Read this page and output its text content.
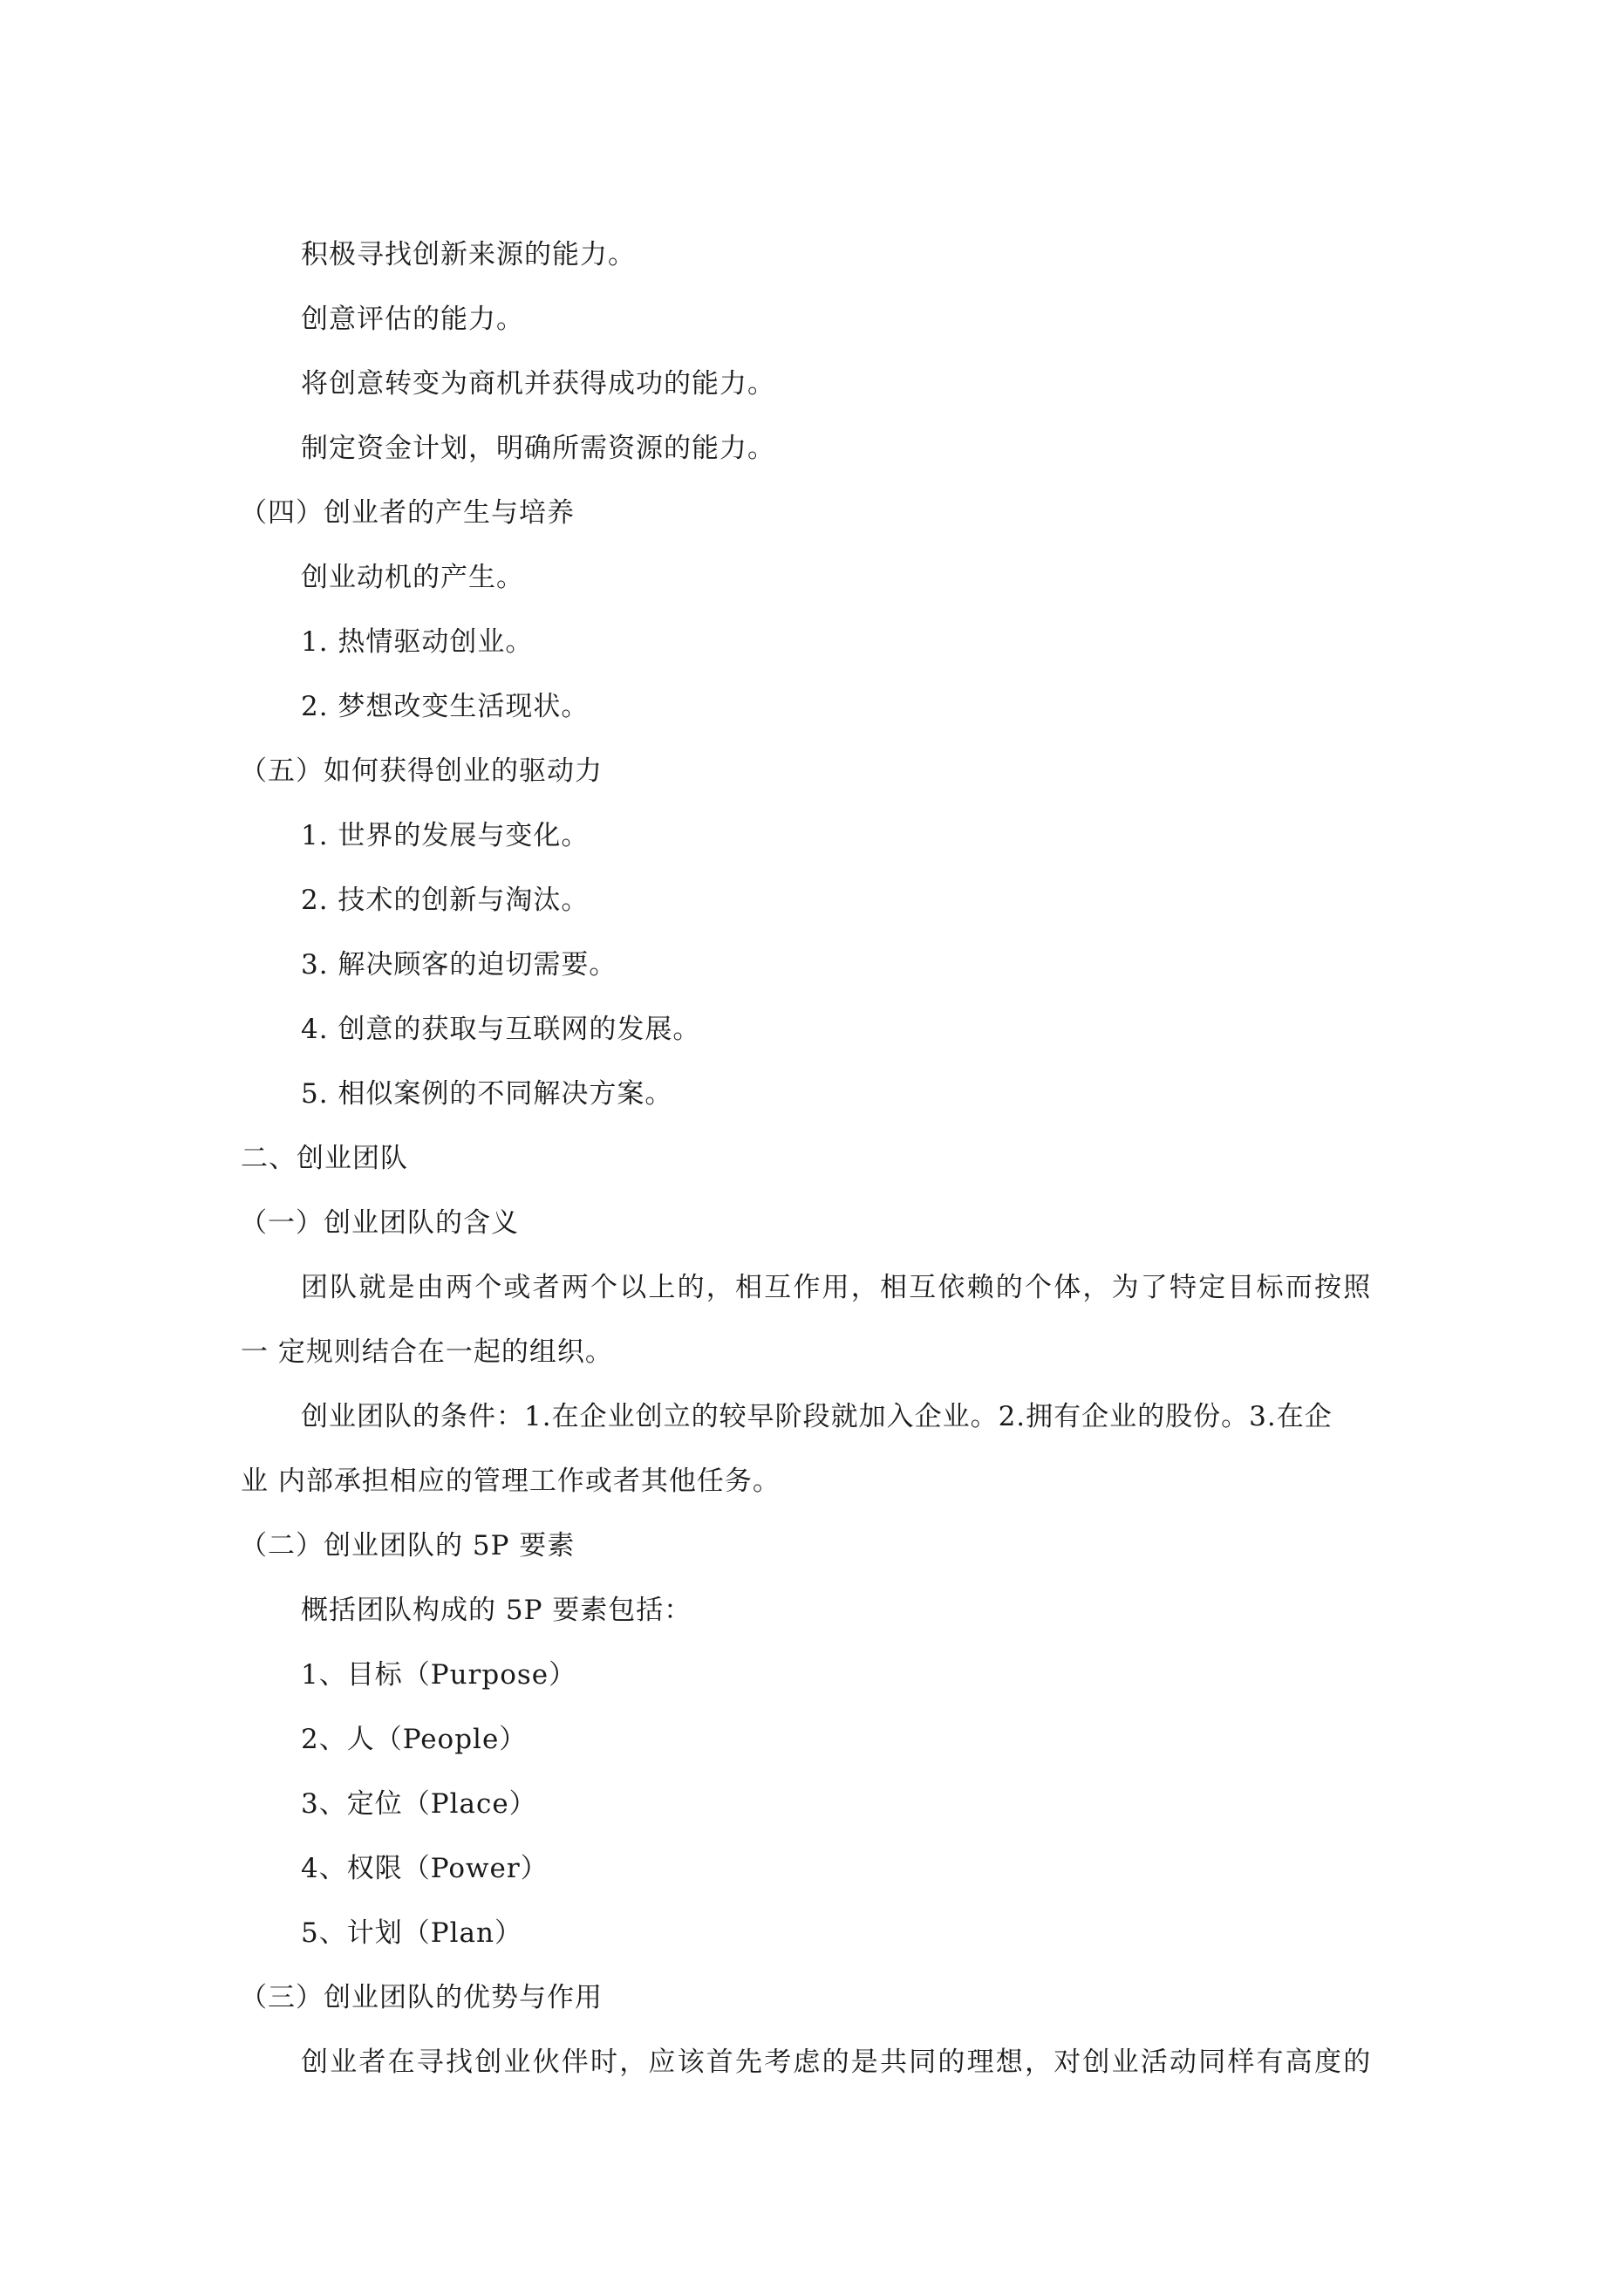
积极寻找创新来源的能力。
创意评估的能力。
将创意转变为商机并获得成功的能力。
制定资金计划，明确所需资源的能力。
（四）创业者的产生与培养
创业动机的产生。
1. 热情驱动创业。
2. 梦想改变生活现状。
（五）如何获得创业的驱动力
1. 世界的发展与变化。
2. 技术的创新与淘汰。
3. 解决顾客的迫切需要。
4. 创意的获取与互联网的发展。
5. 相似案例的不同解决方案。
二、创业团队
（一）创业团队的含义
团队就是由两个或者两个以上的，相互作用，相互依赖的个体，为了特定目标而按照
一 定规则结合在一起的组织。
创业团队的条件：1.在企业创立的较早阶段就加入企业。2.拥有企业的股份。3.在企
业 内部承担相应的管理工作或者其他任务。
（二）创业团队的 5P 要素
概括团队构成的 5P 要素包括：
1、目标（Purpose）
2、人（People）
3、定位（Place）
4、权限（Power）
5、计划（Plan）
（三）创业团队的优势与作用
创业者在寻找创业伙伴时，应该首先考虑的是共同的理想，对创业活动同样有高度的
